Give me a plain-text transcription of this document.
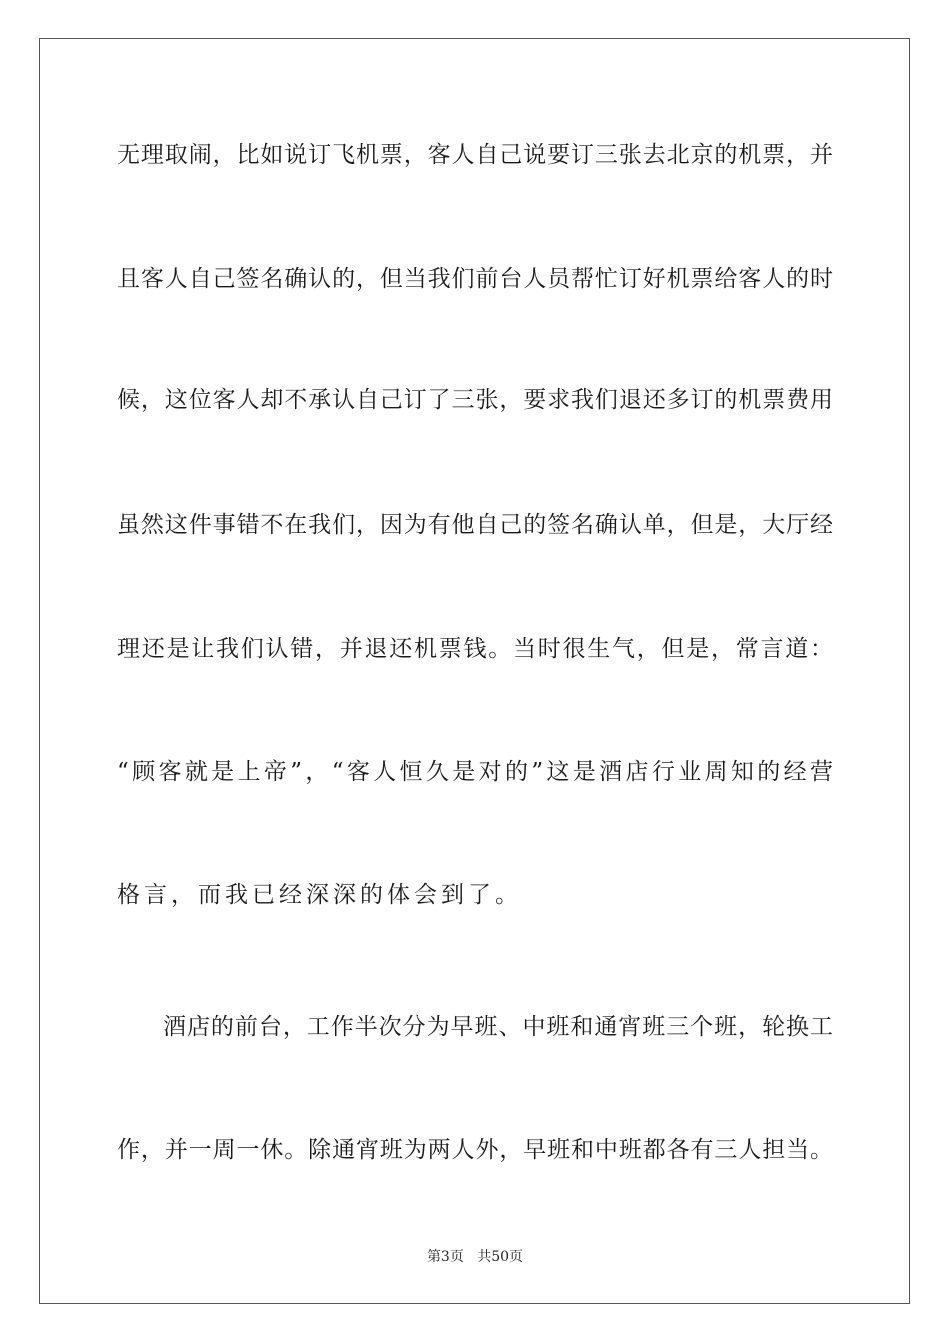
无理取闹，比如说订飞机票，客人自己说要订三张去北京的机票，并
且客人自己签名确认的，但当我们前台人员帮忙订好机票给客人的时
候，这位客人却不承认自己订了三张，要求我们退还多订的机票费用
虽然这件事错不在我们，因为有他自己的签名确认单，但是，大厅经
理还是让我们认错，并退还机票钱。当时很生气，但是，常言道：
“顾客就是上帝”，“客人恒久是对的”这是酒店行业周知的经营
格言，而我已经深深的体会到了。
酒店的前台，工作半次分为早班、中班和通宵班三个班，轮换工
作，并一周一休。除通宵班为两人外，早班和中班都各有三人担当。
第3页 共50页
